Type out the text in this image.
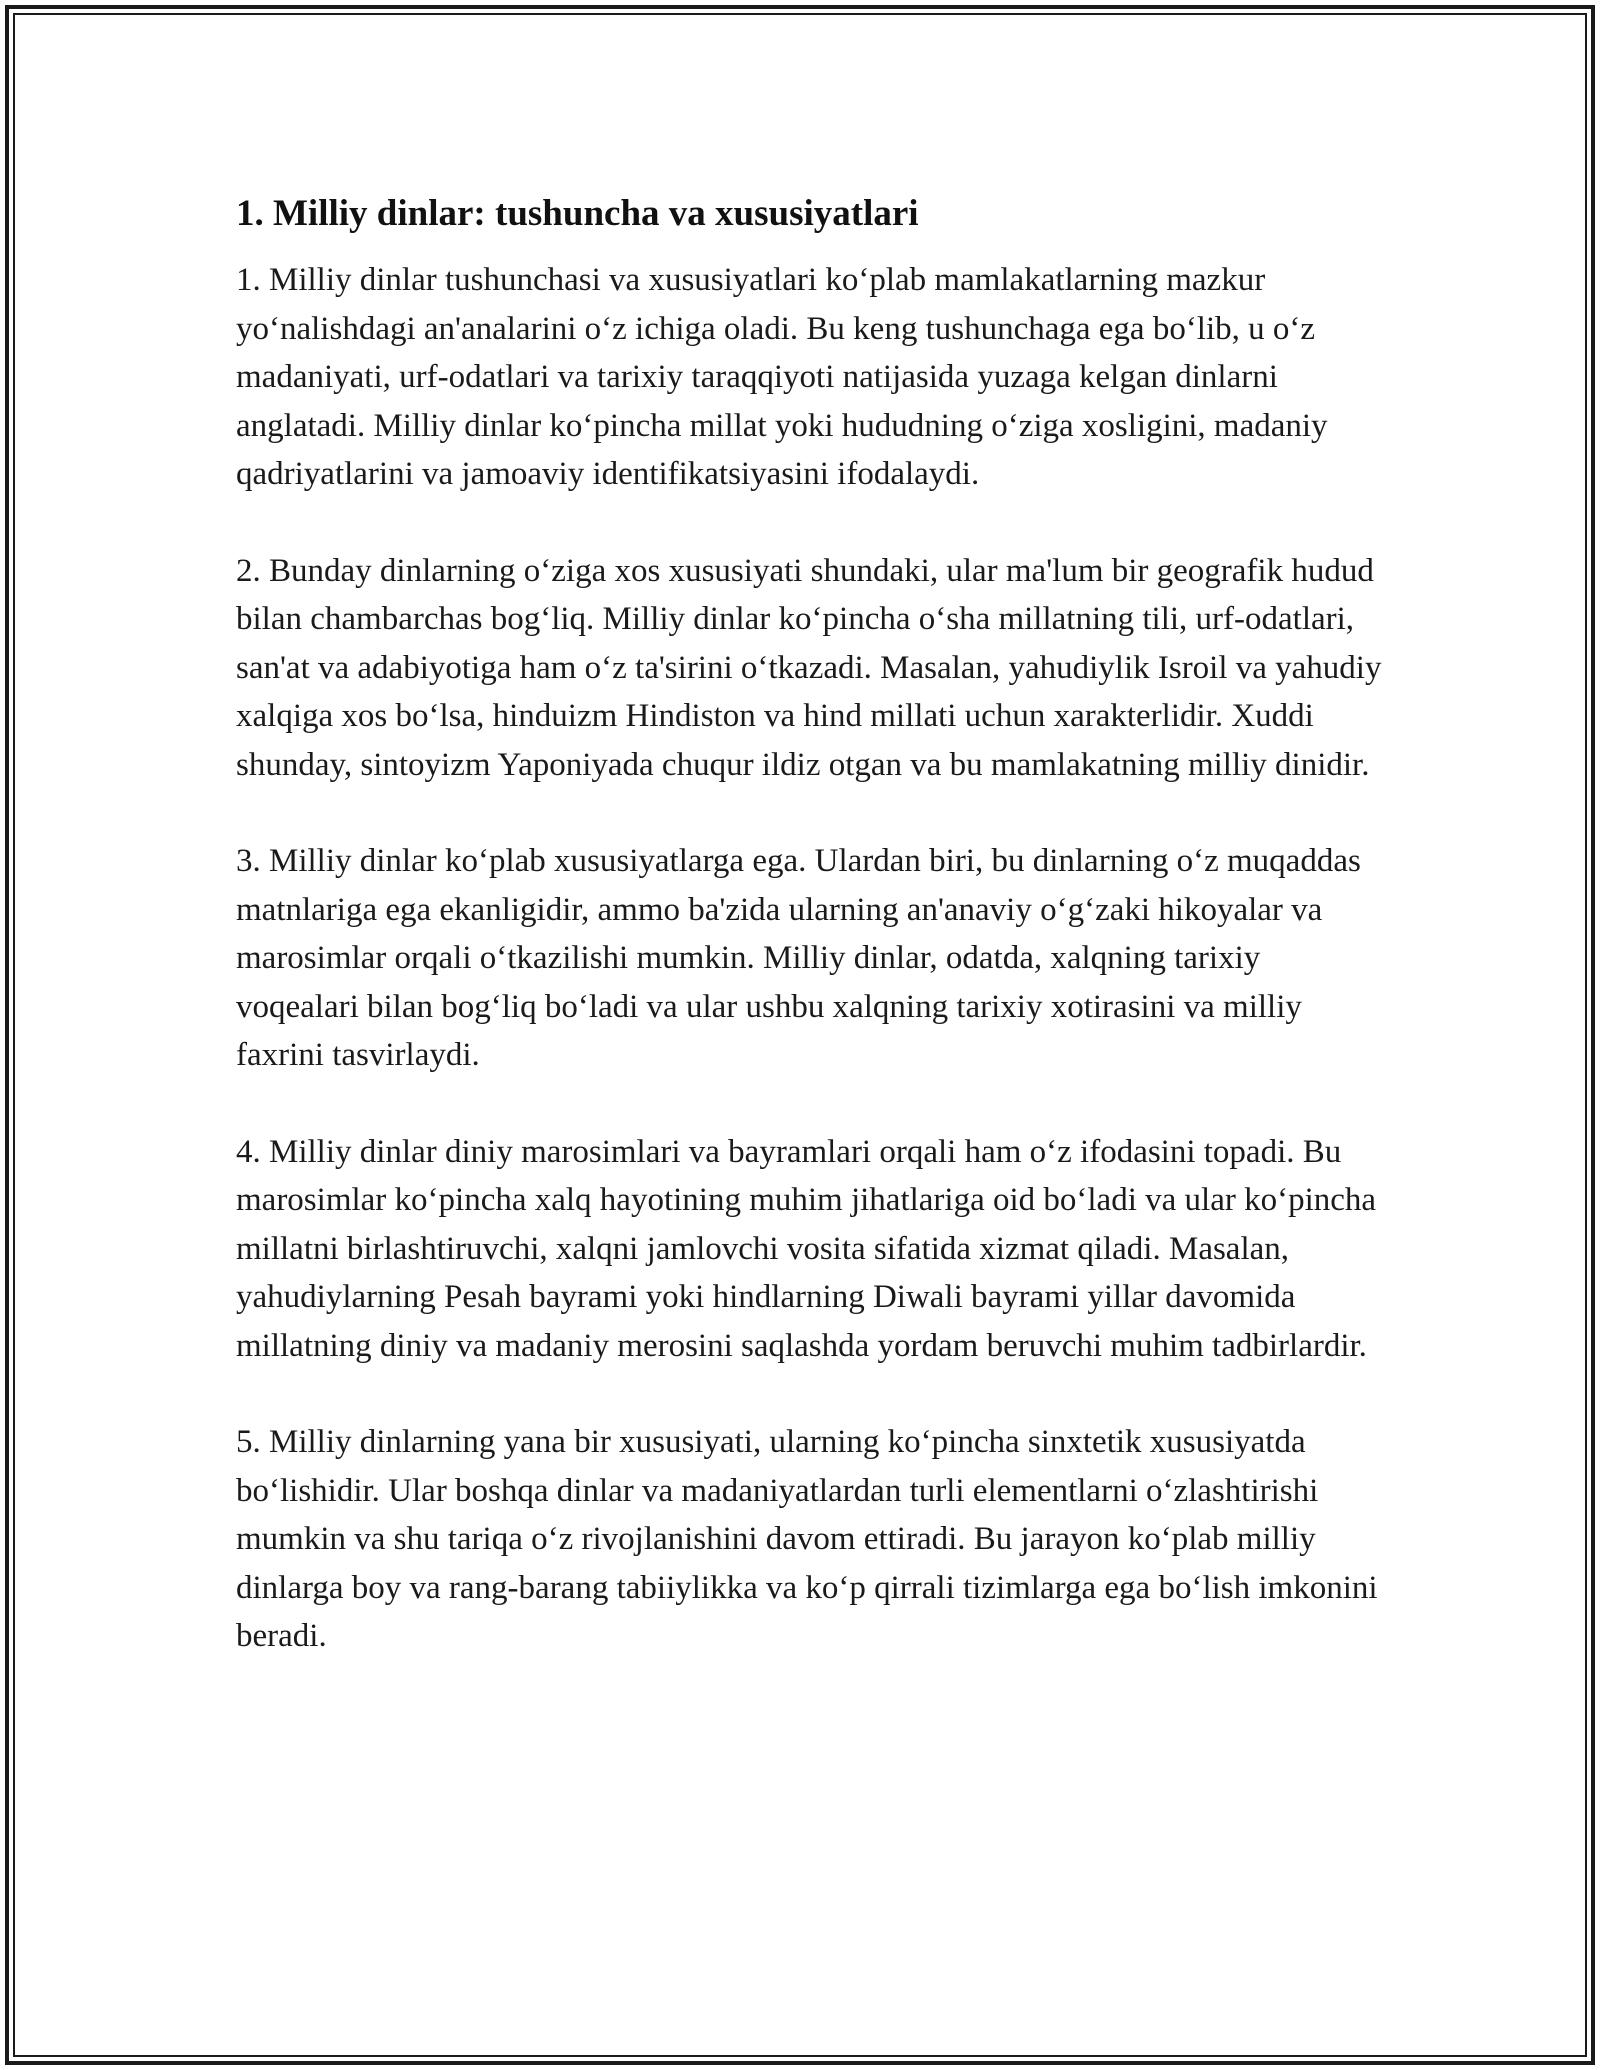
1. Milliy dinlar: tushuncha va xususiyatlari

1. Milliy dinlar tushunchasi va xususiyatlari ko‘plab mamlakatlarning mazkur yo‘nalishdagi an'analarini o‘z ichiga oladi. Bu keng tushunchaga ega bo‘lib, u o‘z madaniyati, urf-odatlari va tarixiy taraqqiyoti natijasida yuzaga kelgan dinlarni anglatadi. Milliy dinlar ko‘pincha millat yoki hududning o‘ziga xosligini, madaniy qadriyatlarini va jamoaviy identifikatsiyasini ifodalaydi.

2. Bunday dinlarning o‘ziga xos xususiyati shundaki, ular ma'lum bir geografik hudud bilan chambarchas bog‘liq. Milliy dinlar ko‘pincha o‘sha millatning tili, urf-odatlari, san'at va adabiyotiga ham o‘z ta'sirini o‘tkazadi. Masalan, yahudiylik Isroil va yahudiy xalqiga xos bo‘lsa, hinduizm Hindiston va hind millati uchun xarakterlidir. Xuddi shunday, sintoyizm Yaponiyada chuqur ildiz otgan va bu mamlakatning milliy dinidir.

3. Milliy dinlar ko‘plab xususiyatlarga ega. Ulardan biri, bu dinlarning o‘z muqaddas matnlariga ega ekanligidir, ammo ba'zida ularning an'anaviy o‘g‘zaki hikoyalar va marosimlar orqali o‘tkazilishi mumkin. Milliy dinlar, odatda, xalqning tarixiy voqealari bilan bog‘liq bo‘ladi va ular ushbu xalqning tarixiy xotirasini va milliy faxrini tasvirlaydi.

4. Milliy dinlar diniy marosimlari va bayramlari orqali ham o‘z ifodasini topadi. Bu marosimlar ko‘pincha xalq hayotining muhim jihatlariga oid bo‘ladi va ular ko‘pincha millatni birlashtiruvchi, xalqni jamlovchi vosita sifatida xizmat qiladi. Masalan, yahudiylarning Pesah bayrami yoki hindlarning Diwali bayrami yillar davomida millatning diniy va madaniy merosini saqlashda yordam beruvchi muhim tadbirlardir.

5. Milliy dinlarning yana bir xususiyati, ularning ko‘pincha sinxtetik xususiyatda bo‘lishidir. Ular boshqa dinlar va madaniyatlardan turli elementlarni o‘zlashtirishi mumkin va shu tariqa o‘z rivojlanishini davom ettiradi. Bu jarayon ko‘plab milliy dinlarga boy va rang-barang tabiiylikka va ko‘p qirrali tizimlarga ega bo‘lish imkonini beradi.
